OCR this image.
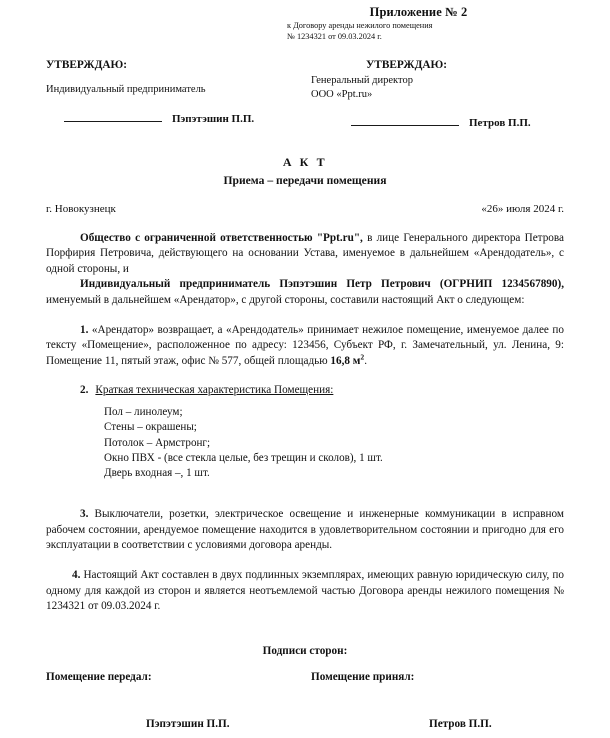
Приложение № 2
к Договору аренды нежилого помещения
№ 1234321 от 09.03.2024 г.
УТВЕРЖДАЮ:
Индивидуальный предприниматель
Пэпэтэшин П.П.
УТВЕРЖДАЮ:
Генеральный директор
ООО «Ppt.ru»
Петров П.П.
А К Т
Приема – передачи помещения
г. Новокузнецк	«26» июля 2024 г.

Общество с ограниченной ответственностью "Ppt.ru", в лице Генерального директора Петрова Порфирия Петровича, действующего на основании Устава, именуемое в дальнейшем «Арендодатель», с одной стороны, и

Индивидуальный предприниматель Пэпэтэшин Петр Петрович (ОГРНИП 1234567890), именуемый в дальнейшем «Арендатор», с другой стороны, составили настоящий Акт о следующем:

1. «Арендатор» возвращает, а «Арендодатель» принимает нежилое помещение, именуемое далее по тексту «Помещение», расположенное по адресу: 123456, Субъект РФ, г. Замечательный, ул. Ленина, 9: Помещение 11, пятый этаж, офис № 577, общей площадью 16,8 $м^2$.

2. Краткая техническая характеристика Помещения:
Пол – линолеум;
Стены – окрашены;
Потолок – Армстронг;
Окно ПВХ - (все стекла целые, без трещин и сколов), 1 шт.
Дверь входная –, 1 шт.

3. Выключатели, розетки, электрическое освещение и инженерные коммуникации в исправном рабочем состоянии, арендуемое помещение находится в удовлетворительном состоянии и пригодно для его эксплуатации в соответствии с условиями договора аренды.

4. Настоящий Акт составлен в двух подлинных экземплярах, имеющих равную юридическую силу, по одному для каждой из сторон и является неотъемлемой частью Договора аренды нежилого помещения № 1234321 от 09.03.2024 г.

Подписи сторон:
Помещение передал:	Помещение принял:
Пэпэтэшин П.П.	Петров П.П.
